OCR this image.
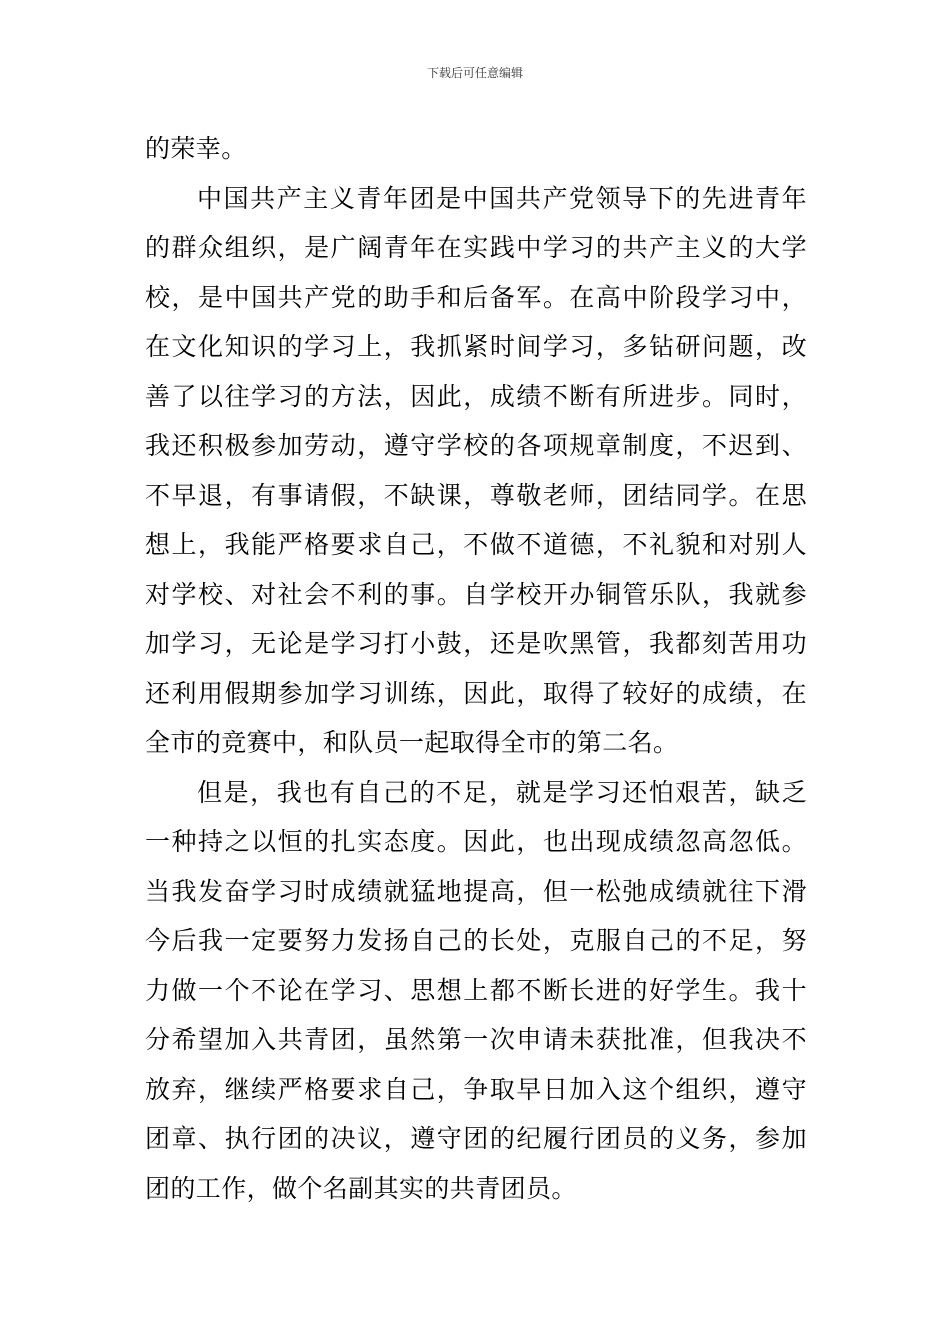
下载后可任意编辑
的荣幸。
中国共产主义青年团是中国共产党领导下的先进青年
的群众组织，是广阔青年在实践中学习的共产主义的大学
校，是中国共产党的助手和后备军。在高中阶段学习中，
在文化知识的学习上，我抓紧时间学习，多钻研问题，改
善了以往学习的方法，因此，成绩不断有所进步。同时，
我还积极参加劳动，遵守学校的各项规章制度，不迟到、
不早退，有事请假，不缺课，尊敬老师，团结同学。在思
想上，我能严格要求自己，不做不道德，不礼貌和对别人
对学校、对社会不利的事。自学校开办铜管乐队，我就参
加学习，无论是学习打小鼓，还是吹黑管，我都刻苦用功
还利用假期参加学习训练，因此，取得了较好的成绩，在
全市的竞赛中，和队员一起取得全市的第二名。
但是，我也有自己的不足，就是学习还怕艰苦，缺乏
一种持之以恒的扎实态度。因此，也出现成绩忽高忽低。
当我发奋学习时成绩就猛地提高，但一松弛成绩就往下滑
今后我一定要努力发扬自己的长处，克服自己的不足，努
力做一个不论在学习、思想上都不断长进的好学生。我十
分希望加入共青团，虽然第一次申请未获批准，但我决不
放弃，继续严格要求自己，争取早日加入这个组织，遵守
团章、执行团的决议，遵守团的纪履行团员的义务，参加
团的工作，做个名副其实的共青团员。
